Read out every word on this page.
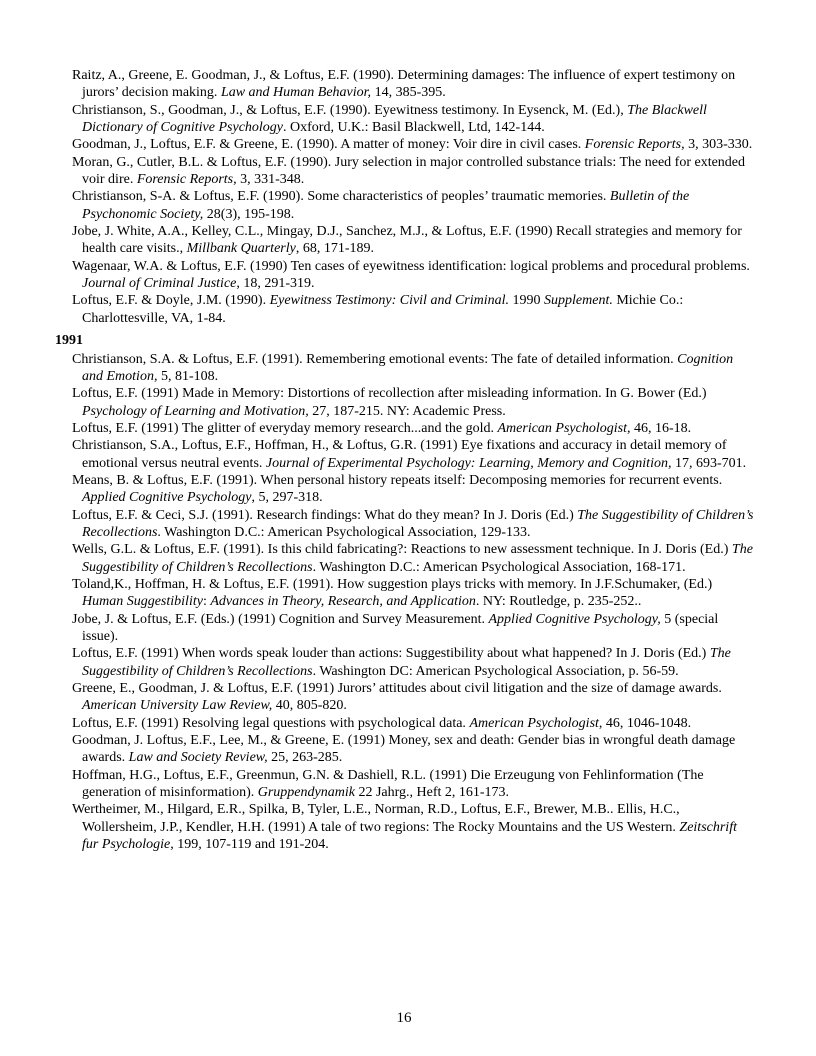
Raitz, A., Greene, E. Goodman, J., & Loftus, E.F. (1990). Determining damages: The influence of expert testimony on jurors’ decision making. Law and Human Behavior, 14, 385-395.
Christianson, S., Goodman, J., & Loftus, E.F. (1990). Eyewitness testimony. In Eysenck, M. (Ed.), The Blackwell Dictionary of Cognitive Psychology. Oxford, U.K.: Basil Blackwell, Ltd, 142-144.
Goodman, J., Loftus, E.F. & Greene, E. (1990). A matter of money: Voir dire in civil cases. Forensic Reports, 3, 303-330.
Moran, G., Cutler, B.L. & Loftus, E.F. (1990). Jury selection in major controlled substance trials: The need for extended voir dire. Forensic Reports, 3, 331-348.
Christianson, S-A. & Loftus, E.F. (1990). Some characteristics of peoples’ traumatic memories. Bulletin of the Psychonomic Society, 28(3), 195-198.
Jobe, J. White, A.A., Kelley, C.L., Mingay, D.J., Sanchez, M.J., & Loftus, E.F. (1990) Recall strategies and memory for health care visits., Millbank Quarterly, 68, 171-189.
Wagenaar, W.A. & Loftus, E.F. (1990) Ten cases of eyewitness identification: logical problems and procedural problems. Journal of Criminal Justice, 18, 291-319.
Loftus, E.F. & Doyle, J.M. (1990). Eyewitness Testimony: Civil and Criminal. 1990 Supplement. Michie Co.: Charlottesville, VA, 1-84.
1991
Christianson, S.A. & Loftus, E.F. (1991). Remembering emotional events: The fate of detailed information. Cognition and Emotion, 5, 81-108.
Loftus, E.F. (1991) Made in Memory: Distortions of recollection after misleading information. In G. Bower (Ed.) Psychology of Learning and Motivation, 27, 187-215. NY: Academic Press.
Loftus, E.F. (1991) The glitter of everyday memory research...and the gold. American Psychologist, 46, 16-18.
Christianson, S.A., Loftus, E.F., Hoffman, H., & Loftus, G.R. (1991) Eye fixations and accuracy in detail memory of emotional versus neutral events. Journal of Experimental Psychology: Learning, Memory and Cognition, 17, 693-701.
Means, B. & Loftus, E.F. (1991). When personal history repeats itself: Decomposing memories for recurrent events. Applied Cognitive Psychology, 5, 297-318.
Loftus, E.F. & Ceci, S.J. (1991). Research findings: What do they mean? In J. Doris (Ed.) The Suggestibility of Children’s Recollections. Washington D.C.: American Psychological Association, 129-133.
Wells, G.L. & Loftus, E.F. (1991). Is this child fabricating?: Reactions to new assessment technique. In J. Doris (Ed.) The Suggestibility of Children’s Recollections. Washington D.C.: American Psychological Association, 168-171.
Toland,K., Hoffman, H. & Loftus, E.F. (1991). How suggestion plays tricks with memory. In J.F.Schumaker, (Ed.) Human Suggestibility: Advances in Theory, Research, and Application. NY: Routledge, p. 235-252..
Jobe, J. & Loftus, E.F. (Eds.) (1991) Cognition and Survey Measurement. Applied Cognitive Psychology, 5 (special issue).
Loftus, E.F. (1991) When words speak louder than actions: Suggestibility about what happened? In J. Doris (Ed.) The Suggestibility of Children’s Recollections. Washington DC: American Psychological Association, p. 56-59.
Greene, E., Goodman, J. & Loftus, E.F. (1991) Jurors’ attitudes about civil litigation and the size of damage awards. American University Law Review, 40, 805-820.
Loftus, E.F. (1991) Resolving legal questions with psychological data. American Psychologist, 46, 1046-1048.
Goodman, J. Loftus, E.F., Lee, M., & Greene, E. (1991) Money, sex and death: Gender bias in wrongful death damage awards. Law and Society Review, 25, 263-285.
Hoffman, H.G., Loftus, E.F., Greenmun, G.N. & Dashiell, R.L. (1991) Die Erzeugung von Fehlinformation (The generation of misinformation). Gruppendynamik 22 Jahrg., Heft 2, 161-173.
Wertheimer, M., Hilgard, E.R., Spilka, B, Tyler, L.E., Norman, R.D., Loftus, E.F., Brewer, M.B.. Ellis, H.C., Wollersheim, J.P., Kendler, H.H. (1991) A tale of two regions: The Rocky Mountains and the US Western. Zeitschrift fur Psychologie, 199, 107-119 and 191-204.
16
